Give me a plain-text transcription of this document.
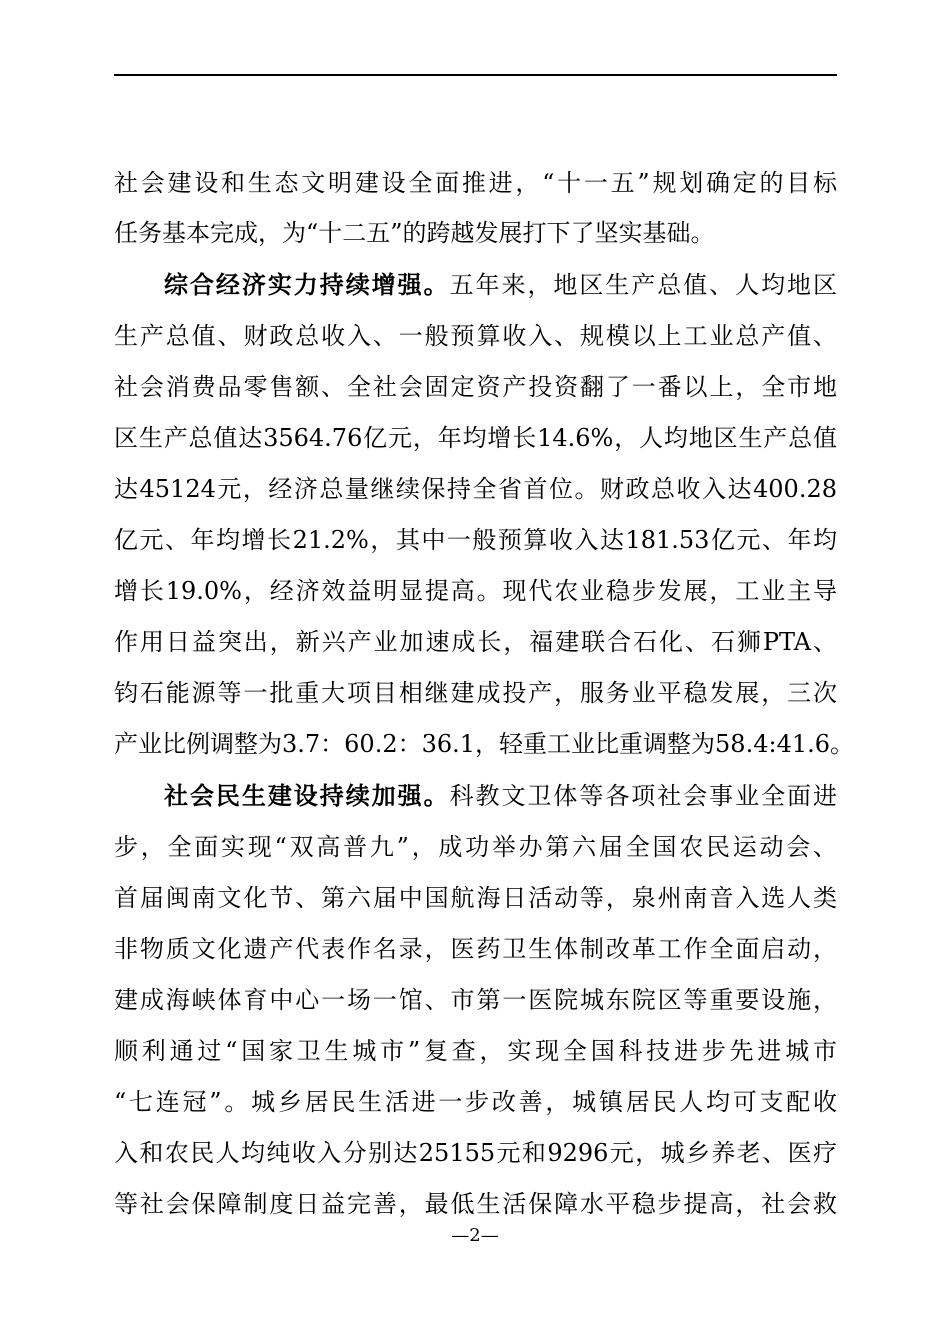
社会建设和生态文明建设全面推进，“十一五”规划确定的目标
任务基本完成，为“十二五”的跨越发展打下了坚实基础。
综合经济实力持续增强。五年来，地区生产总值、人均地区
生产总值、财政总收入、一般预算收入、规模以上工业总产值、
社会消费品零售额、全社会固定资产投资翻了一番以上，全市地
区生产总值达3564.76亿元，年均增长14.6%，人均地区生产总值
达45124元，经济总量继续保持全省首位。财政总收入达400.28
亿元、年均增长21.2%，其中一般预算收入达181.53亿元、年均
增长19.0%，经济效益明显提高。现代农业稳步发展，工业主导
作用日益突出，新兴产业加速成长，福建联合石化、石狮PTA、
钧石能源等一批重大项目相继建成投产，服务业平稳发展，三次
产业比例调整为3.7：60.2：36.1，轻重工业比重调整为58.4:41.6。
社会民生建设持续加强。科教文卫体等各项社会事业全面进
步，全面实现“双高普九”，成功举办第六届全国农民运动会、
首届闽南文化节、第六届中国航海日活动等，泉州南音入选人类
非物质文化遗产代表作名录，医药卫生体制改革工作全面启动，
建成海峡体育中心一场一馆、市第一医院城东院区等重要设施，
顺利通过“国家卫生城市”复查，实现全国科技进步先进城市
“七连冠”。城乡居民生活进一步改善，城镇居民人均可支配收
入和农民人均纯收入分别达25155元和9296元，城乡养老、医疗
等社会保障制度日益完善，最低生活保障水平稳步提高，社会救
—2—
